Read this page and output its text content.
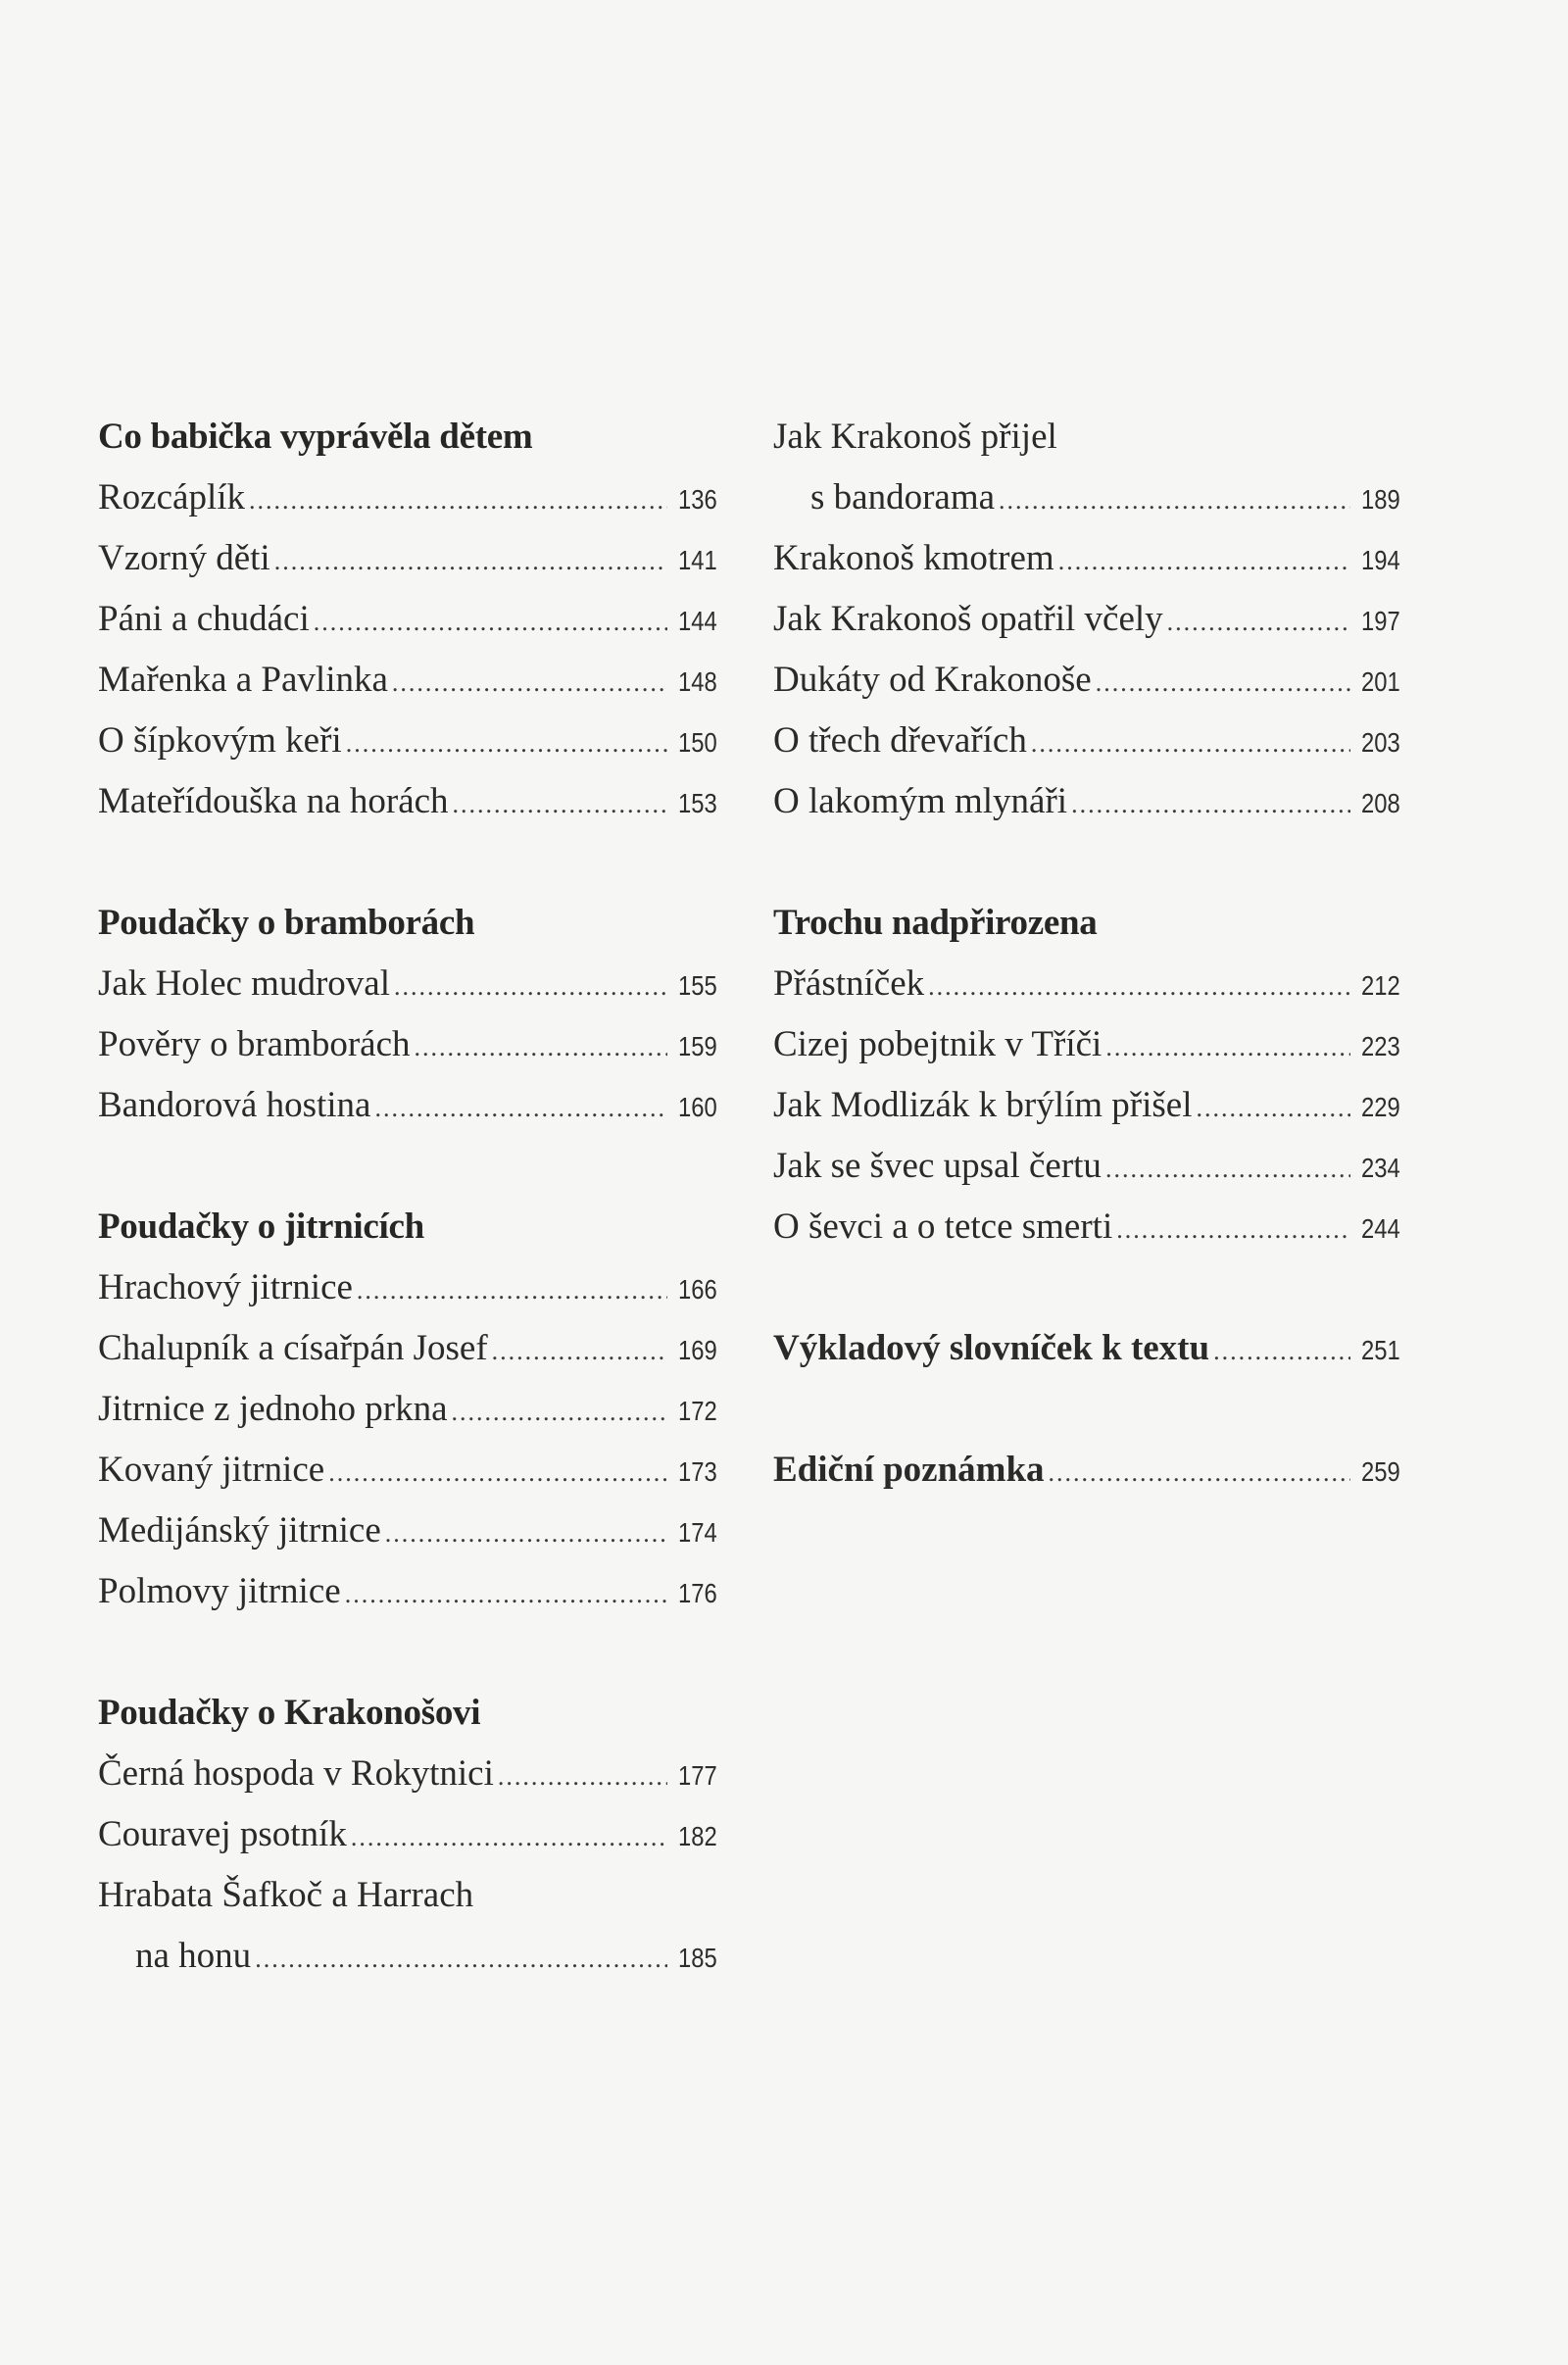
Co babička vyprávěla dětem
Rozcáplík .....	136
Vzorný děti .....	141
Páni a chudáci .....	144
Mařenka a Pavlinka .....	148
O šípkovým keři .....	150
Mateřídouška na horách .....	153
Poudačky o bramborách
Jak Holec mudroval .....	155
Pověry o bramborách .....	159
Bandorová hostina .....	160
Poudačky o jitrnicích
Hrachový jitrnice .....	166
Chalupník a císařpán Josef .....	169
Jitrnice z jednoho prkna .....	172
Kovaný jitrnice .....	173
Medijánský jitrnice .....	174
Polmovy jitrnice .....	176
Poudačky o Krakonošovi
Černá hospoda v Rokytnici .....	177
Couravej psotník .....	182
Hrabata Šafkoč a Harrach
na honu .....	185
Jak Krakonoš přijel
s bandorama .....	189
Krakonoš kmotrem .....	194
Jak Krakonoš opatřil včely .....	197
Dukáty od Krakonoše .....	201
O třech dřevařích .....	203
O lakomým mlynáři .....	208
Trochu nadpřirozena
Přástníček .....	212
Cizej pobejtnik v Tříči .....	223
Jak Modlizák k brýlím přišel .....	229
Jak se švec upsal čertu .....	234
O ševci a o tetce smerti .....	244
Výkladový slovníček k textu .....	251
Ediční poznámka .....	259
